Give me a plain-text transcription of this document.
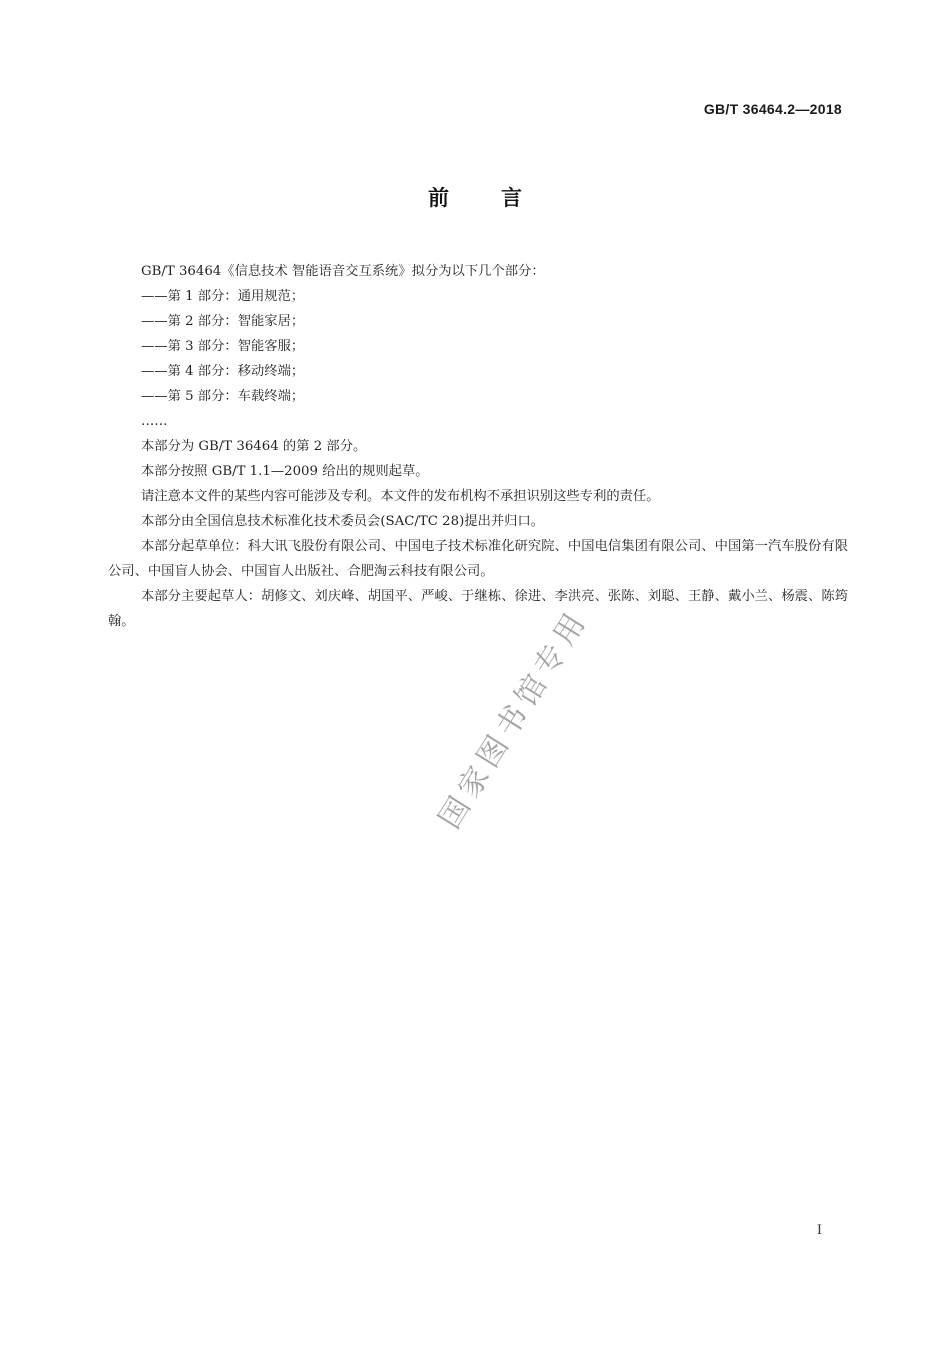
GB/T 36464.2—2018
前言

GB/T 36464《信息技术 智能语音交互系统》拟分为以下几个部分：

——第 1 部分：通用规范；

——第 2 部分：智能家居；

——第 3 部分：智能客服；

——第 4 部分：移动终端；

——第 5 部分：车载终端；

……

本部分为 GB/T 36464 的第 2 部分。

本部分按照 GB/T 1.1—2009 给出的规则起草。

请注意本文件的某些内容可能涉及专利。本文件的发布机构不承担识别这些专利的责任。

本部分由全国信息技术标准化技术委员会(SAC/TC 28)提出并归口。

本部分起草单位：科大讯飞股份有限公司、中国电子技术标准化研究院、中国电信集团有限公司、中国第一汽车股份有限公司、中国盲人协会、中国盲人出版社、合肥淘云科技有限公司。

本部分主要起草人：胡修文、刘庆峰、胡国平、严峻、于继栋、徐进、李洪亮、张陈、刘聪、王静、戴小兰、杨震、陈筠翰。	国家图书馆专用
I
